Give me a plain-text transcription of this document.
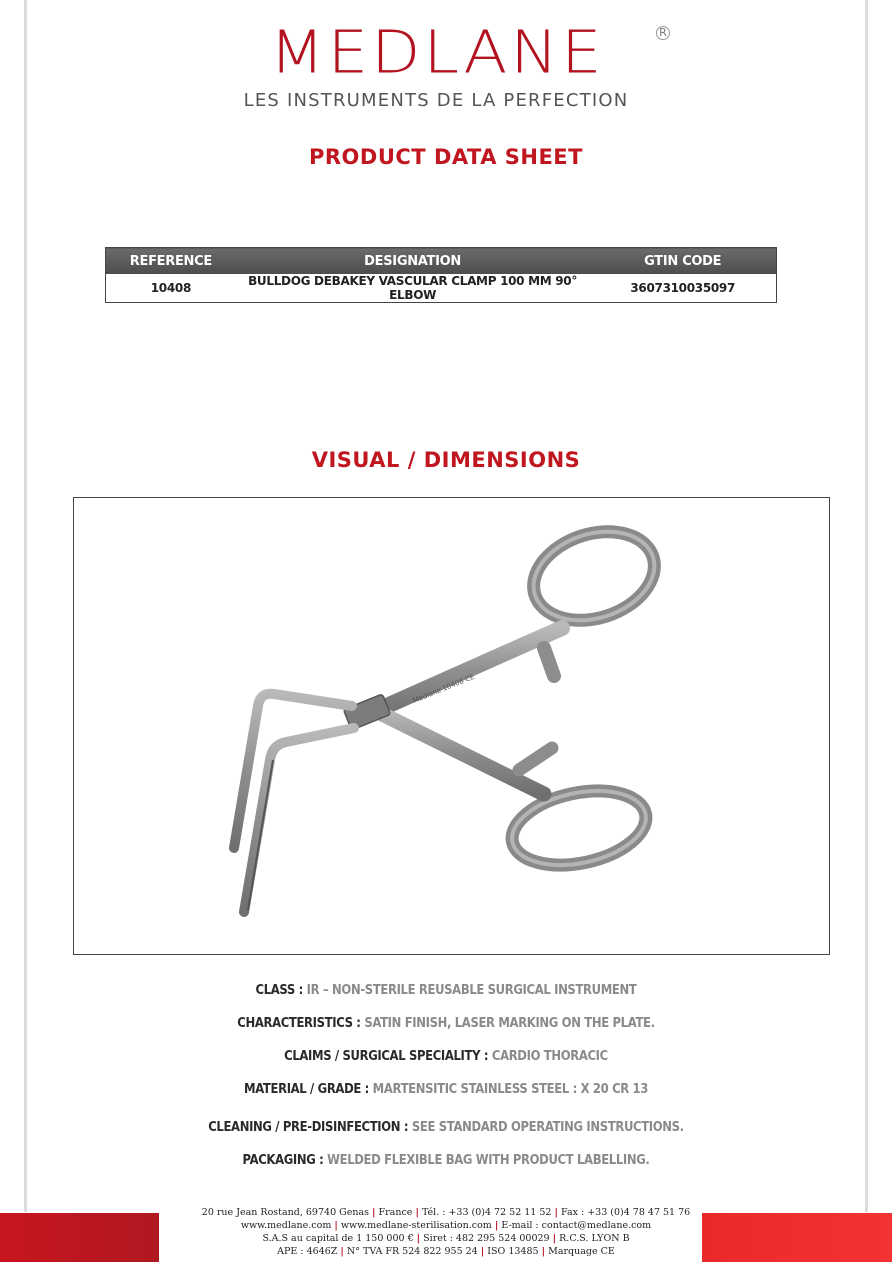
MEDLANE	R
LES INSTRUMENTS DE LA PERFECTION
PRODUCT DATA SHEET
REFERENCE	DESIGNATION	GTIN CODE
10408	BULLDOG DEBAKEY VASCULAR CLAMP 100 MM 90° ELBOW	3607310035097
VISUAL / DIMENSIONS
Medlane 10408 CE
CLASS : IR – NON-STERILE REUSABLE SURGICAL INSTRUMENT
CHARACTERISTICS : SATIN FINISH, LASER MARKING ON THE PLATE.
CLAIMS / SURGICAL SPECIALITY : CARDIO THORACIC
MATERIAL / GRADE : MARTENSITIC STAINLESS STEEL : X 20 CR 13
CLEANING / PRE-DISINFECTION : SEE STANDARD OPERATING INSTRUCTIONS.
PACKAGING : WELDED FLEXIBLE BAG WITH PRODUCT LABELLING.
20 rue Jean Rostand, 69740 Genas | France | Tél. : +33 (0)4 72 52 11 52 | Fax : +33 (0)4 78 47 51 76
www.medlane.com | www.medlane-sterilisation.com | E-mail : contact@medlane.com
S.A.S au capital de 1 150 000 € | Siret : 482 295 524 00029 | R.C.S. LYON B
APE : 4646Z | N° TVA FR 524 822 955 24 | ISO 13485 | Marquage CE
